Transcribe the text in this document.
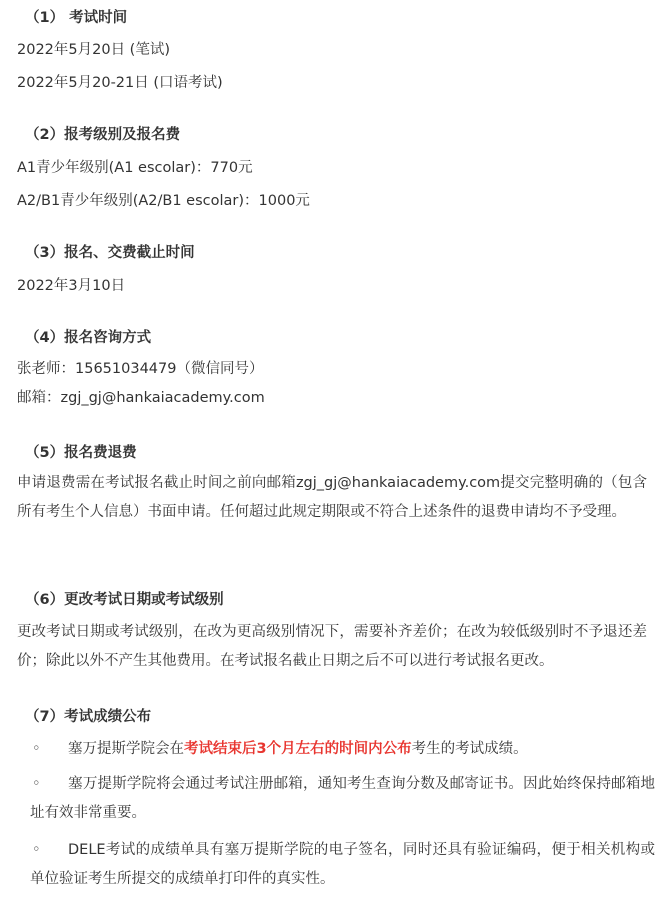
（1） 考试时间
2022年5月20日 (笔试)
2022年5月20-21日 (口语考试)
（2）报考级别及报名费
A1青少年级别(A1 escolar)：770元
A2/B1青少年级别(A2/B1 escolar)：1000元
（3）报名、交费截止时间
2022年3月10日
（4）报名咨询方式
张老师：15651034479（微信同号）
邮箱：zgj_gj@hankaiacademy.com
（5）报名费退费
申请退费需在考试报名截止时间之前向邮箱zgj_gj@hankaiacademy.com提交完整明确的（包含所有考生个人信息）书面申请。任何超过此规定期限或不符合上述条件的退费申请均不予受理。
（6）更改考试日期或考试级别
更改考试日期或考试级别，在改为更高级别情况下，需要补齐差价；在改为较低级别时不予退还差价；除此以外不产生其他费用。在考试报名截止日期之后不可以进行考试报名更改。
（7）考试成绩公布
◦ 塞万提斯学院会在考试结束后3个月左右的时间内公布考生的考试成绩。
◦ 塞万提斯学院将会通过考试注册邮箱，通知考生查询分数及邮寄证书。因此始终保持邮箱地址有效非常重要。
◦ DELE考试的成绩单具有塞万提斯学院的电子签名，同时还具有验证编码，便于相关机构或单位验证考生所提交的成绩单打印件的真实性。
